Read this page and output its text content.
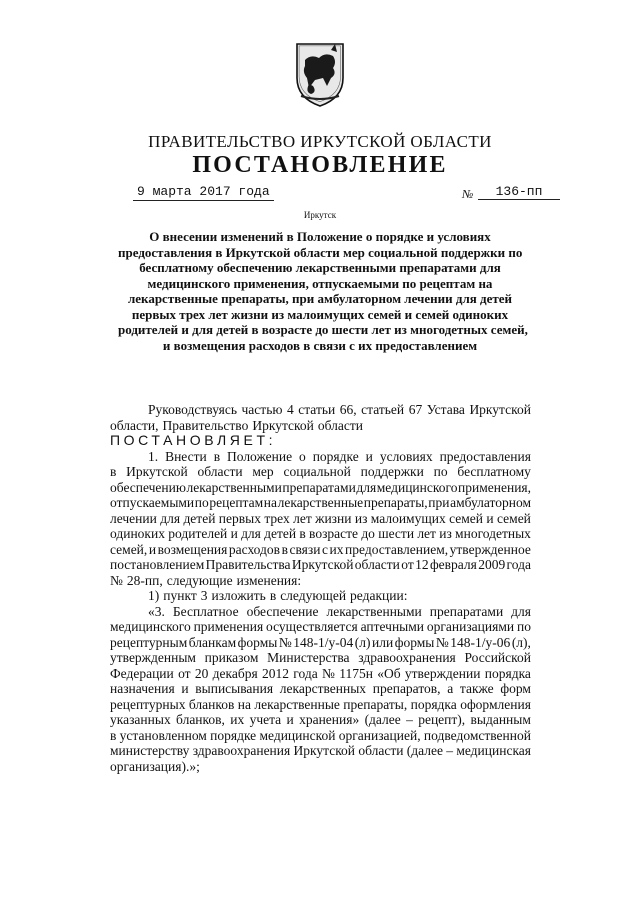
ПРАВИТЕЛЬСТВО ИРКУТСКОЙ ОБЛАСТИ
ПОСТАНОВЛЕНИЕ
9 марта 2017 года	№	136-пп
Иркутск
О внесении изменений в Положение о порядке и условиях
предоставления в Иркутской области мер социальной поддержки по
бесплатному обеспечению лекарственными препаратами для
медицинского применения, отпускаемыми по рецептам на
лекарственные препараты, при амбулаторном лечении для детей
первых трех лет жизни из малоимущих семей и семей одиноких
родителей и для детей в возрасте до шести лет из многодетных семей,
и возмещения расходов в связи с их предоставлением
Руководствуясь частью 4 статьи 66, статьей 67 Устава Иркутской
области, Правительство Иркутской области
ПОСТАНОВЛЯЕТ:
1. Внести в Положение о порядке и условиях предоставления
в Иркутской области мер социальной поддержки по бесплатному
обеспечению лекарственными препаратами для медицинского применения,
отпускаемыми по рецептам на лекарственные препараты, при амбулаторном
лечении для детей первых трех лет жизни из малоимущих семей и семей
одиноких родителей и для детей в возрасте до шести лет из многодетных
семей, и возмещения расходов в связи с их предоставлением, утвержденное
постановлением Правительства Иркутской области от 12 февраля 2009 года
№ 28-пп, следующие изменения:
1) пункт 3 изложить в следующей редакции:
«3. Бесплатное обеспечение лекарственными препаратами для
медицинского применения осуществляется аптечными организациями по
рецептурным бланкам формы № 148-1/у-04 (л) или формы № 148-1/у-06 (л),
утвержденным приказом Министерства здравоохранения Российской
Федерации от 20 декабря 2012 года № 1175н «Об утверждении порядка
назначения и выписывания лекарственных препаратов, а также форм
рецептурных бланков на лекарственные препараты, порядка оформления
указанных бланков, их учета и хранения» (далее – рецепт), выданным
в установленном порядке медицинской организацией, подведомственной
министерству здравоохранения Иркутской области (далее – медицинская
организация).»;
